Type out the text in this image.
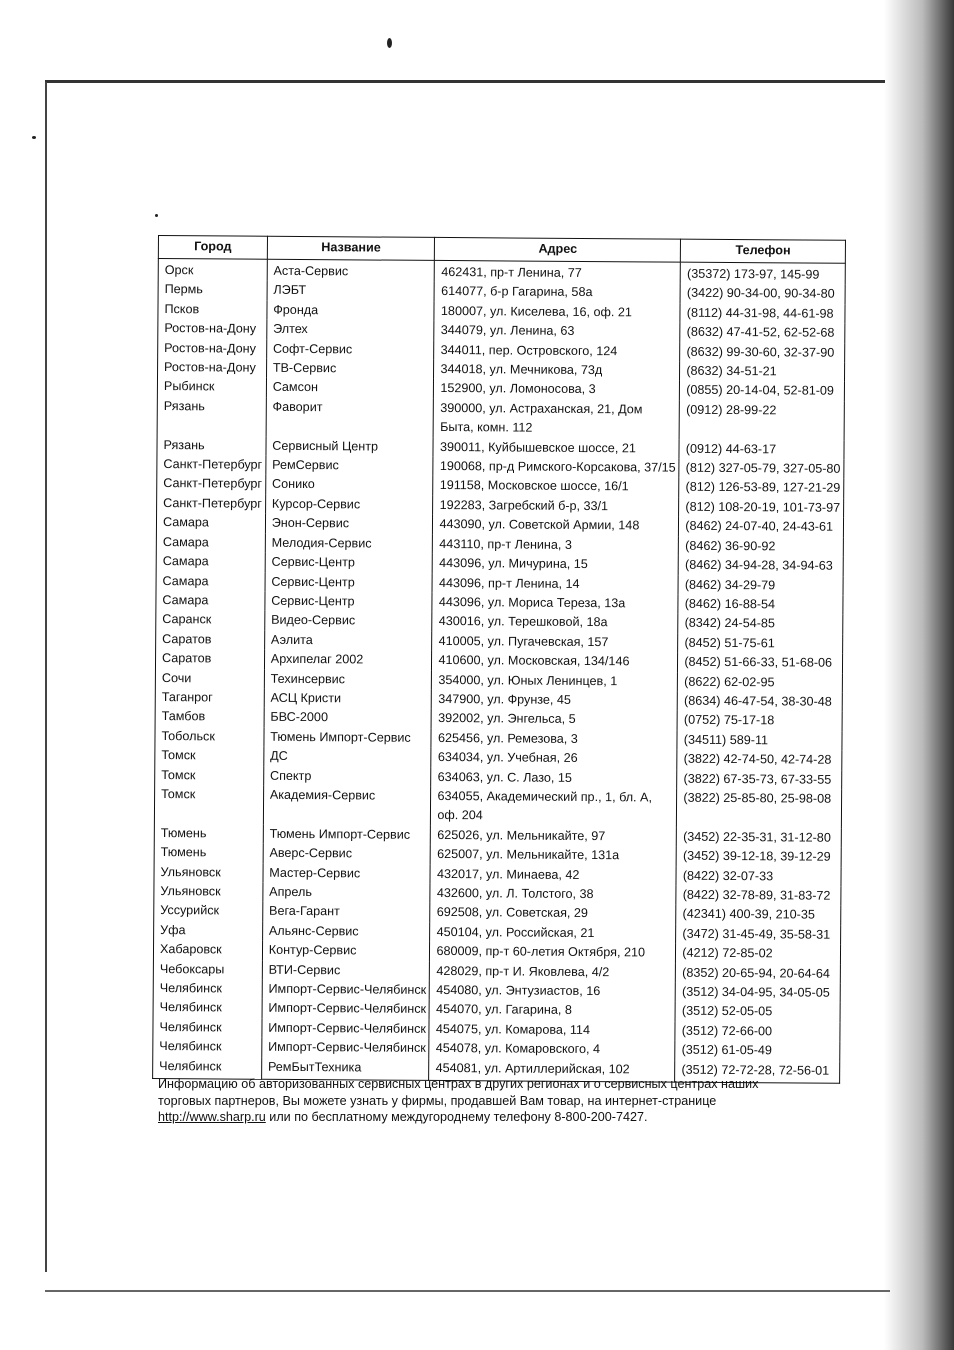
Город	Название	Адрес	Телефон
Орск	Аста-Сервис	462431, пр-т Ленина, 77	(35372) 173-97, 145-99
Пермь	ЛЭБТ	614077, б-р Гагарина, 58а	(3422) 90-34-00, 90-34-80
Псков	Фронда	180007, ул. Киселева, 16, оф. 21	(8112) 44-31-98, 44-61-98
Ростов-на-Дону	Элтех	344079, ул. Ленина, 63	(8632) 47-41-52, 62-52-68
Ростов-на-Дону	Софт-Сервис	344011, пер. Островского, 124	(8632) 99-30-60, 32-37-90
Ростов-на-Дону	ТВ-Сервис	344018, ул. Мечникова, 73д	(8632) 34-51-21
Рыбинск	Самсон	152900, ул. Ломоносова, 3	(0855) 20-14-04, 52-81-09
Рязань	Фаворит	390000, ул. Астраханская, 21, Дом Быта, комн. 112	(0912) 28-99-22
Рязань	Сервисный Центр	390011, Куйбышевское шоссе, 21	(0912) 44-63-17
Санкт-Петербург	РемСервис	190068, пр-д Римского-Корсакова, 37/15	(812) 327-05-79, 327-05-80
Санкт-Петербург	Сонико	191158, Московское шоссе, 16/1	(812) 126-53-89, 127-21-29
Санкт-Петербург	Курсор-Сервис	192283, Загребский б-р, 33/1	(812) 108-20-19, 101-73-97
Самара	Энон-Сервис	443090, ул. Советской Армии, 148	(8462) 24-07-40, 24-43-61
Самара	Мелодия-Сервис	443110, пр-т Ленина, 3	(8462) 36-90-92
Самара	Сервис-Центр	443096, ул. Мичурина, 15	(8462) 34-94-28, 34-94-63
Самара	Сервис-Центр	443096, пр-т Ленина, 14	(8462) 34-29-79
Самара	Сервис-Центр	443096, ул. Мориса Тереза, 13а	(8462) 16-88-54
Саранск	Видео-Сервис	430016, ул. Терешковой, 18а	(8342) 24-54-85
Саратов	Аэлита	410005, ул. Пугачевская, 157	(8452) 51-75-61
Саратов	Архипелаг 2002	410600, ул. Московская, 134/146	(8452) 51-66-33, 51-68-06
Сочи	Техинсервис	354000, ул. Юных Ленинцев, 1	(8622) 62-02-95
Таганрог	АСЦ Кристи	347900, ул. Фрунзе, 45	(8634) 46-47-54, 38-30-48
Тамбов	БВС-2000	392002, ул. Энгельса, 5	(0752) 75-17-18
Тобольск	Тюмень Импорт-Сервис	625456, ул. Ремезова, 3	(34511) 589-11
Томск	ДС	634034, ул. Учебная, 26	(3822) 42-74-50, 42-74-28
Томск	Спектр	634063, ул. С. Лазо, 15	(3822) 67-35-73, 67-33-55
Томск	Академия-Сервис	634055, Академический пр., 1, бл. А, оф. 204	(3822) 25-85-80, 25-98-08
Тюмень	Тюмень Импорт-Сервис	625026, ул. Мельникайте, 97	(3452) 22-35-31, 31-12-80
Тюмень	Аверс-Сервис	625007, ул. Мельникайте, 131а	(3452) 39-12-18, 39-12-29
Ульяновск	Мастер-Сервис	432017, ул. Минаева, 42	(8422) 32-07-33
Ульяновск	Апрель	432600, ул. Л. Толстого, 38	(8422) 32-78-89, 31-83-72
Уссурийск	Вега-Гарант	692508, ул. Советская, 29	(42341) 400-39, 210-35
Уфа	Альянс-Сервис	450104, ул. Российская, 21	(3472) 31-45-49, 35-58-31
Хабаровск	Контур-Сервис	680009, пр-т 60-летия Октября, 210	(4212) 72-85-02
Чебоксары	ВТИ-Сервис	428029, пр-т И. Яковлева, 4/2	(8352) 20-65-94, 20-64-64
Челябинск	Импорт-Сервис-Челябинск	454080, ул. Энтузиастов, 16	(3512) 34-04-95, 34-05-05
Челябинск	Импорт-Сервис-Челябинск	454070, ул. Гагарина, 8	(3512) 52-05-05
Челябинск	Импорт-Сервис-Челябинск	454075, ул. Комарова, 114	(3512) 72-66-00
Челябинск	Импорт-Сервис-Челябинск	454078, ул. Комаровского, 4	(3512) 61-05-49
Челябинск	РемБытТехника	454081, ул. Артиллерийская, 102	(3512) 72-72-28, 72-56-01
Информацию об авторизованных сервисных центрах в других регионах и о сервисных центрах наших торговых партнеров, Вы можете узнать у фирмы, продавшей Вам товар, на интернет-странице http://www.sharp.ru или по бесплатному междугороднему телефону 8-800-200-7427.
